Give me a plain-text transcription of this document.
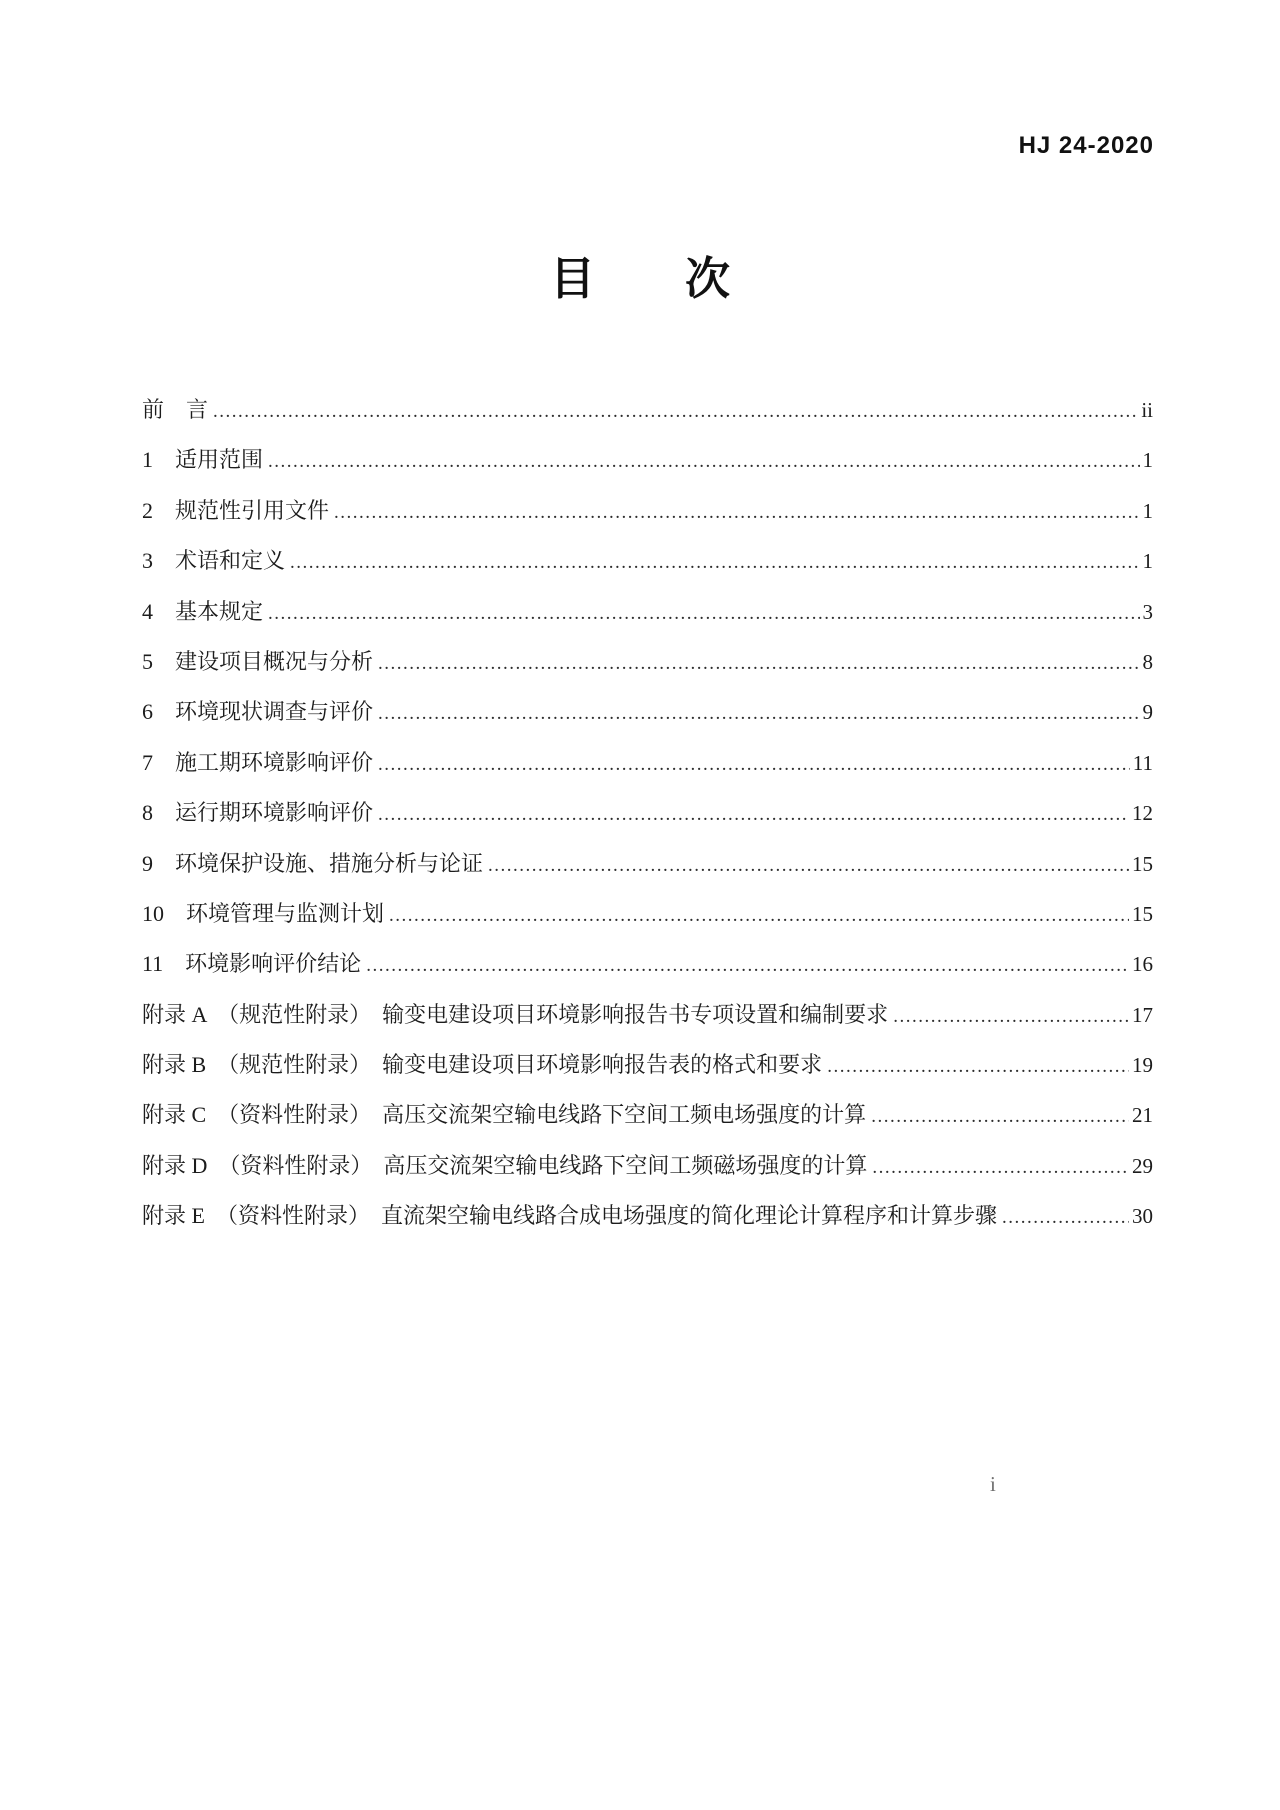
HJ 24-2020
目　　次
前　言 .....	ii
1　适用范围 .....	1
2　规范性引用文件 .....	1
3　术语和定义 .....	1
4　基本规定 .....	3
5　建设项目概况与分析 .....	8
6　环境现状调查与评价 .....	9
7　施工期环境影响评价 .....	11
8　运行期环境影响评价 .....	12
9　环境保护设施、措施分析与论证 .....	15
10　环境管理与监测计划 .....	15
11　环境影响评价结论 .....	16
附录 A　（规范性附录）　输变电建设项目环境影响报告书专项设置和编制要求 .....	17
附录 B　（规范性附录）　输变电建设项目环境影响报告表的格式和要求 .....	19
附录 C　（资料性附录）　高压交流架空输电线路下空间工频电场强度的计算 .....	21
附录 D　（资料性附录）　高压交流架空输电线路下空间工频磁场强度的计算 .....	29
附录 E　（资料性附录）　直流架空输电线路合成电场强度的简化理论计算程序和计算步骤 .....	30
i
